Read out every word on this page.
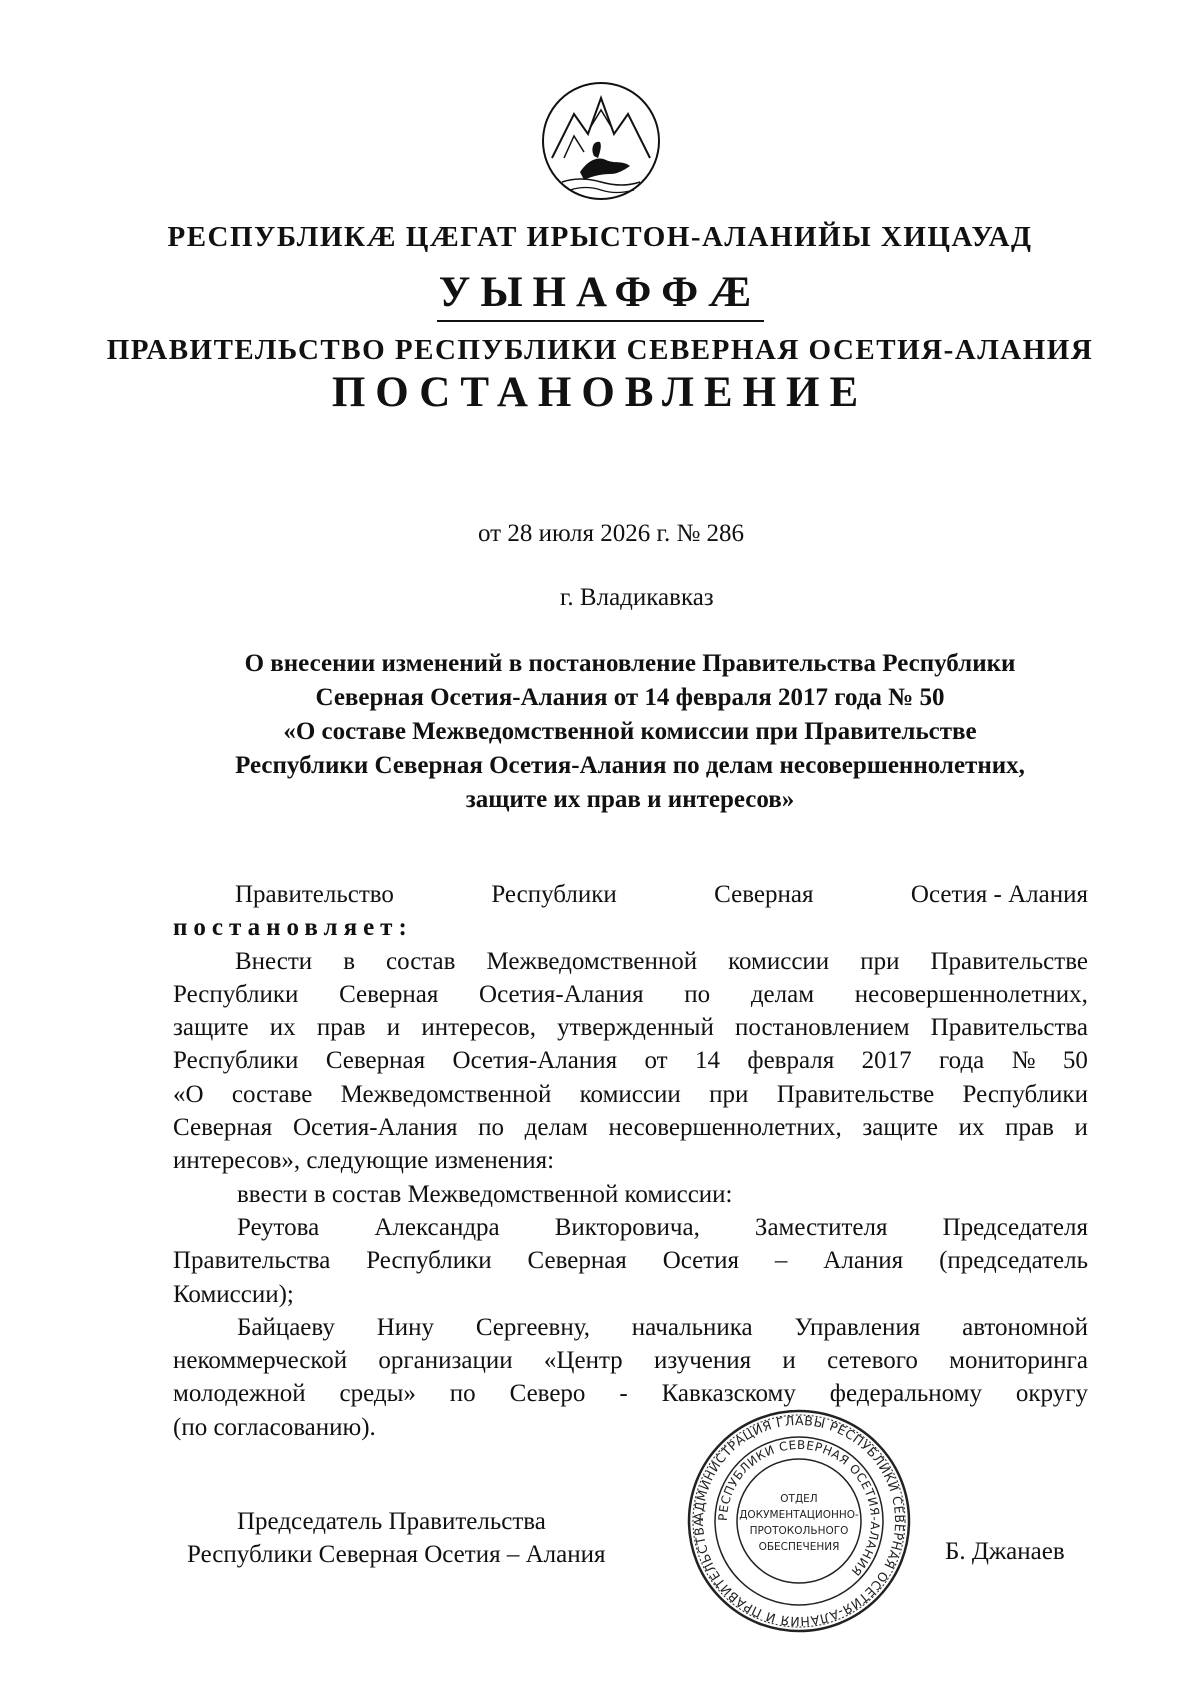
РЕСПУБЛИКӔ ЦӔГАТ ИРЫСТОН-АЛАНИЙЫ ХИЦАУАД
УЫНАФФӔ
ПРАВИТЕЛЬСТВО РЕСПУБЛИКИ СЕВЕРНАЯ ОСЕТИЯ-АЛАНИЯ
ПОСТАНОВЛЕНИЕ
от 28 июля 2026 г. № 286
г. Владикавказ
О внесении изменений в постановление Правительства Республики
Северная Осетия-Алания от 14 февраля 2017 года № 50
«О составе Межведомственной комиссии при Правительстве
Республики Северная Осетия-Алания по делам несовершеннолетних,
защите их прав и интересов»
Правительство	Республики	Северная	Осетия - Алания
постановляет:
Внести в состав Межведомственной комиссии при Правительстве
Республики Северная Осетия-Алания по делам несовершеннолетних,
защите их прав и интересов, утвержденный постановлением Правительства
Республики Северная Осетия-Алания от 14 февраля 2017 года № 50
«О составе Межведомственной комиссии при Правительстве Республики
Северная Осетия-Алания по делам несовершеннолетних, защите их прав и
интересов», следующие изменения:
ввести в состав Межведомственной комиссии:
Реутова Александра Викторовича, Заместителя Председателя
Правительства Республики Северная Осетия – Алания (председатель
Комиссии);
Байцаеву Нину Сергеевну, начальника Управления автономной
некоммерческой организации «Центр изучения и сетевого мониторинга
молодежной среды» по Северо - Кавказскому федеральному округу
(по согласованию).
Председатель Правительства
Республики Северная Осетия – Алания	Б. Джанаев
АДМИНИСТРАЦИЯ ГЛАВЫ РЕСПУБЛИКИ СЕВЕРНАЯ ОСЕТИЯ-АЛАНИЯ И ПРАВИТЕЛЬСТВА
РЕСПУБЛИКИ СЕВЕРНАЯ ОСЕТИЯ-АЛАНИЯ
ОТДЕЛ
ДОКУМЕНТАЦИОННО-
ПРОТОКОЛЬНОГО
ОБЕСПЕЧЕНИЯ
